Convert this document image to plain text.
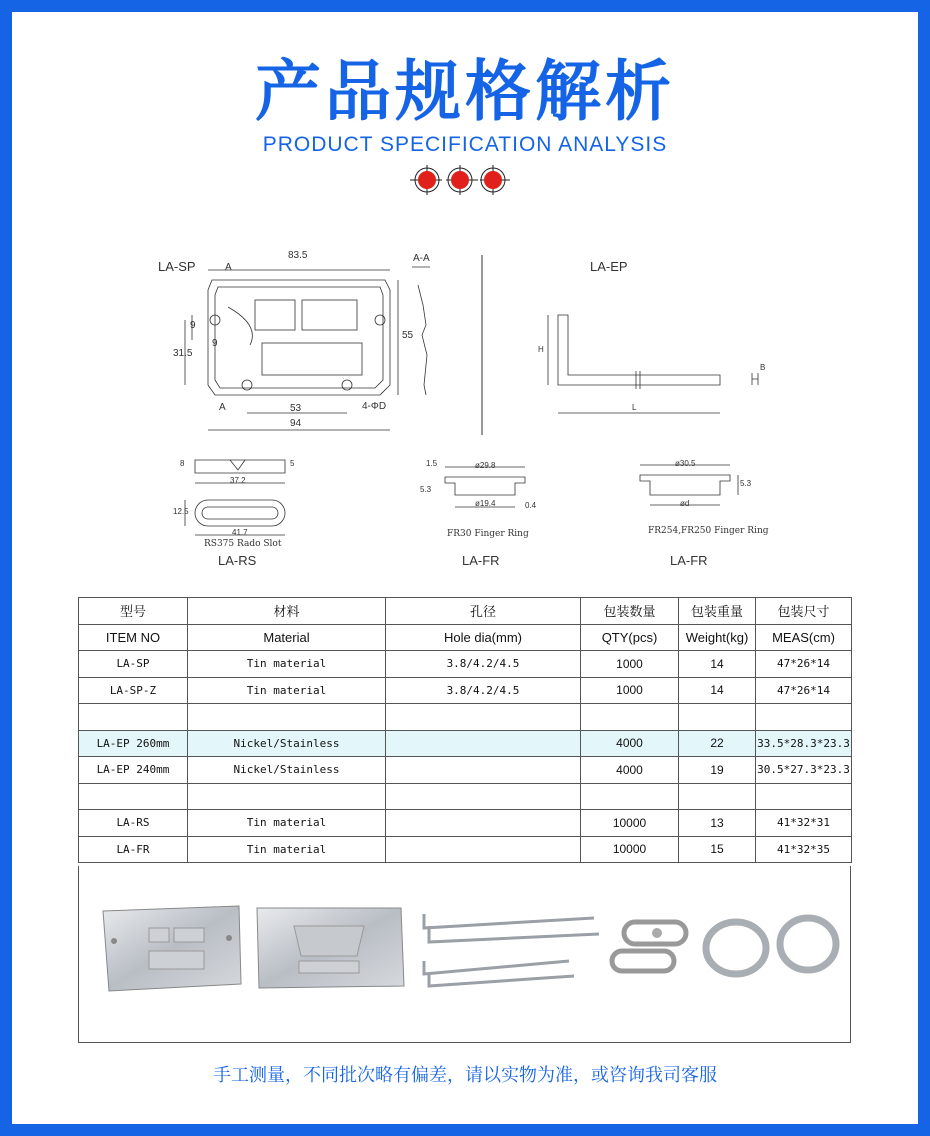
产品规格解析
PRODUCT SPECIFICATION ANALYSIS
LA-SP
83.5
A
A
55
53
94
31.5
9
9
4-ΦD
A-A
LA-EP
H
L
B
8	5
37.2
12.5
41.7
RS375 Rado Slot
LA-RS
ø29.8
ø19.4
1.5
5.3
0.4
FR30 Finger Ring
LA-FR
ø30.5
ød
5.3
FR254,FR250 Finger Ring
LA-FR
型号	材料	孔径	包装数量	包装重量	包装尺寸
ITEM NO	Material	Hole dia(mm)	QTY(pcs)	Weight(kg)	MEAS(cm)
LA-SP	Tin material	3.8/4.2/4.5	1000	14	47*26*14
LA-SP-Z	Tin material	3.8/4.2/4.5	1000	14	47*26*14

LA-EP 260mm	Nickel/Stainless		4000	22	33.5*28.3*23.3
LA-EP 240mm	Nickel/Stainless		4000	19	30.5*27.3*23.3

LA-RS	Tin material		10000	13	41*32*31
LA-FR	Tin material		10000	15	41*32*35
手工测量，不同批次略有偏差，请以实物为准，或咨询我司客服
